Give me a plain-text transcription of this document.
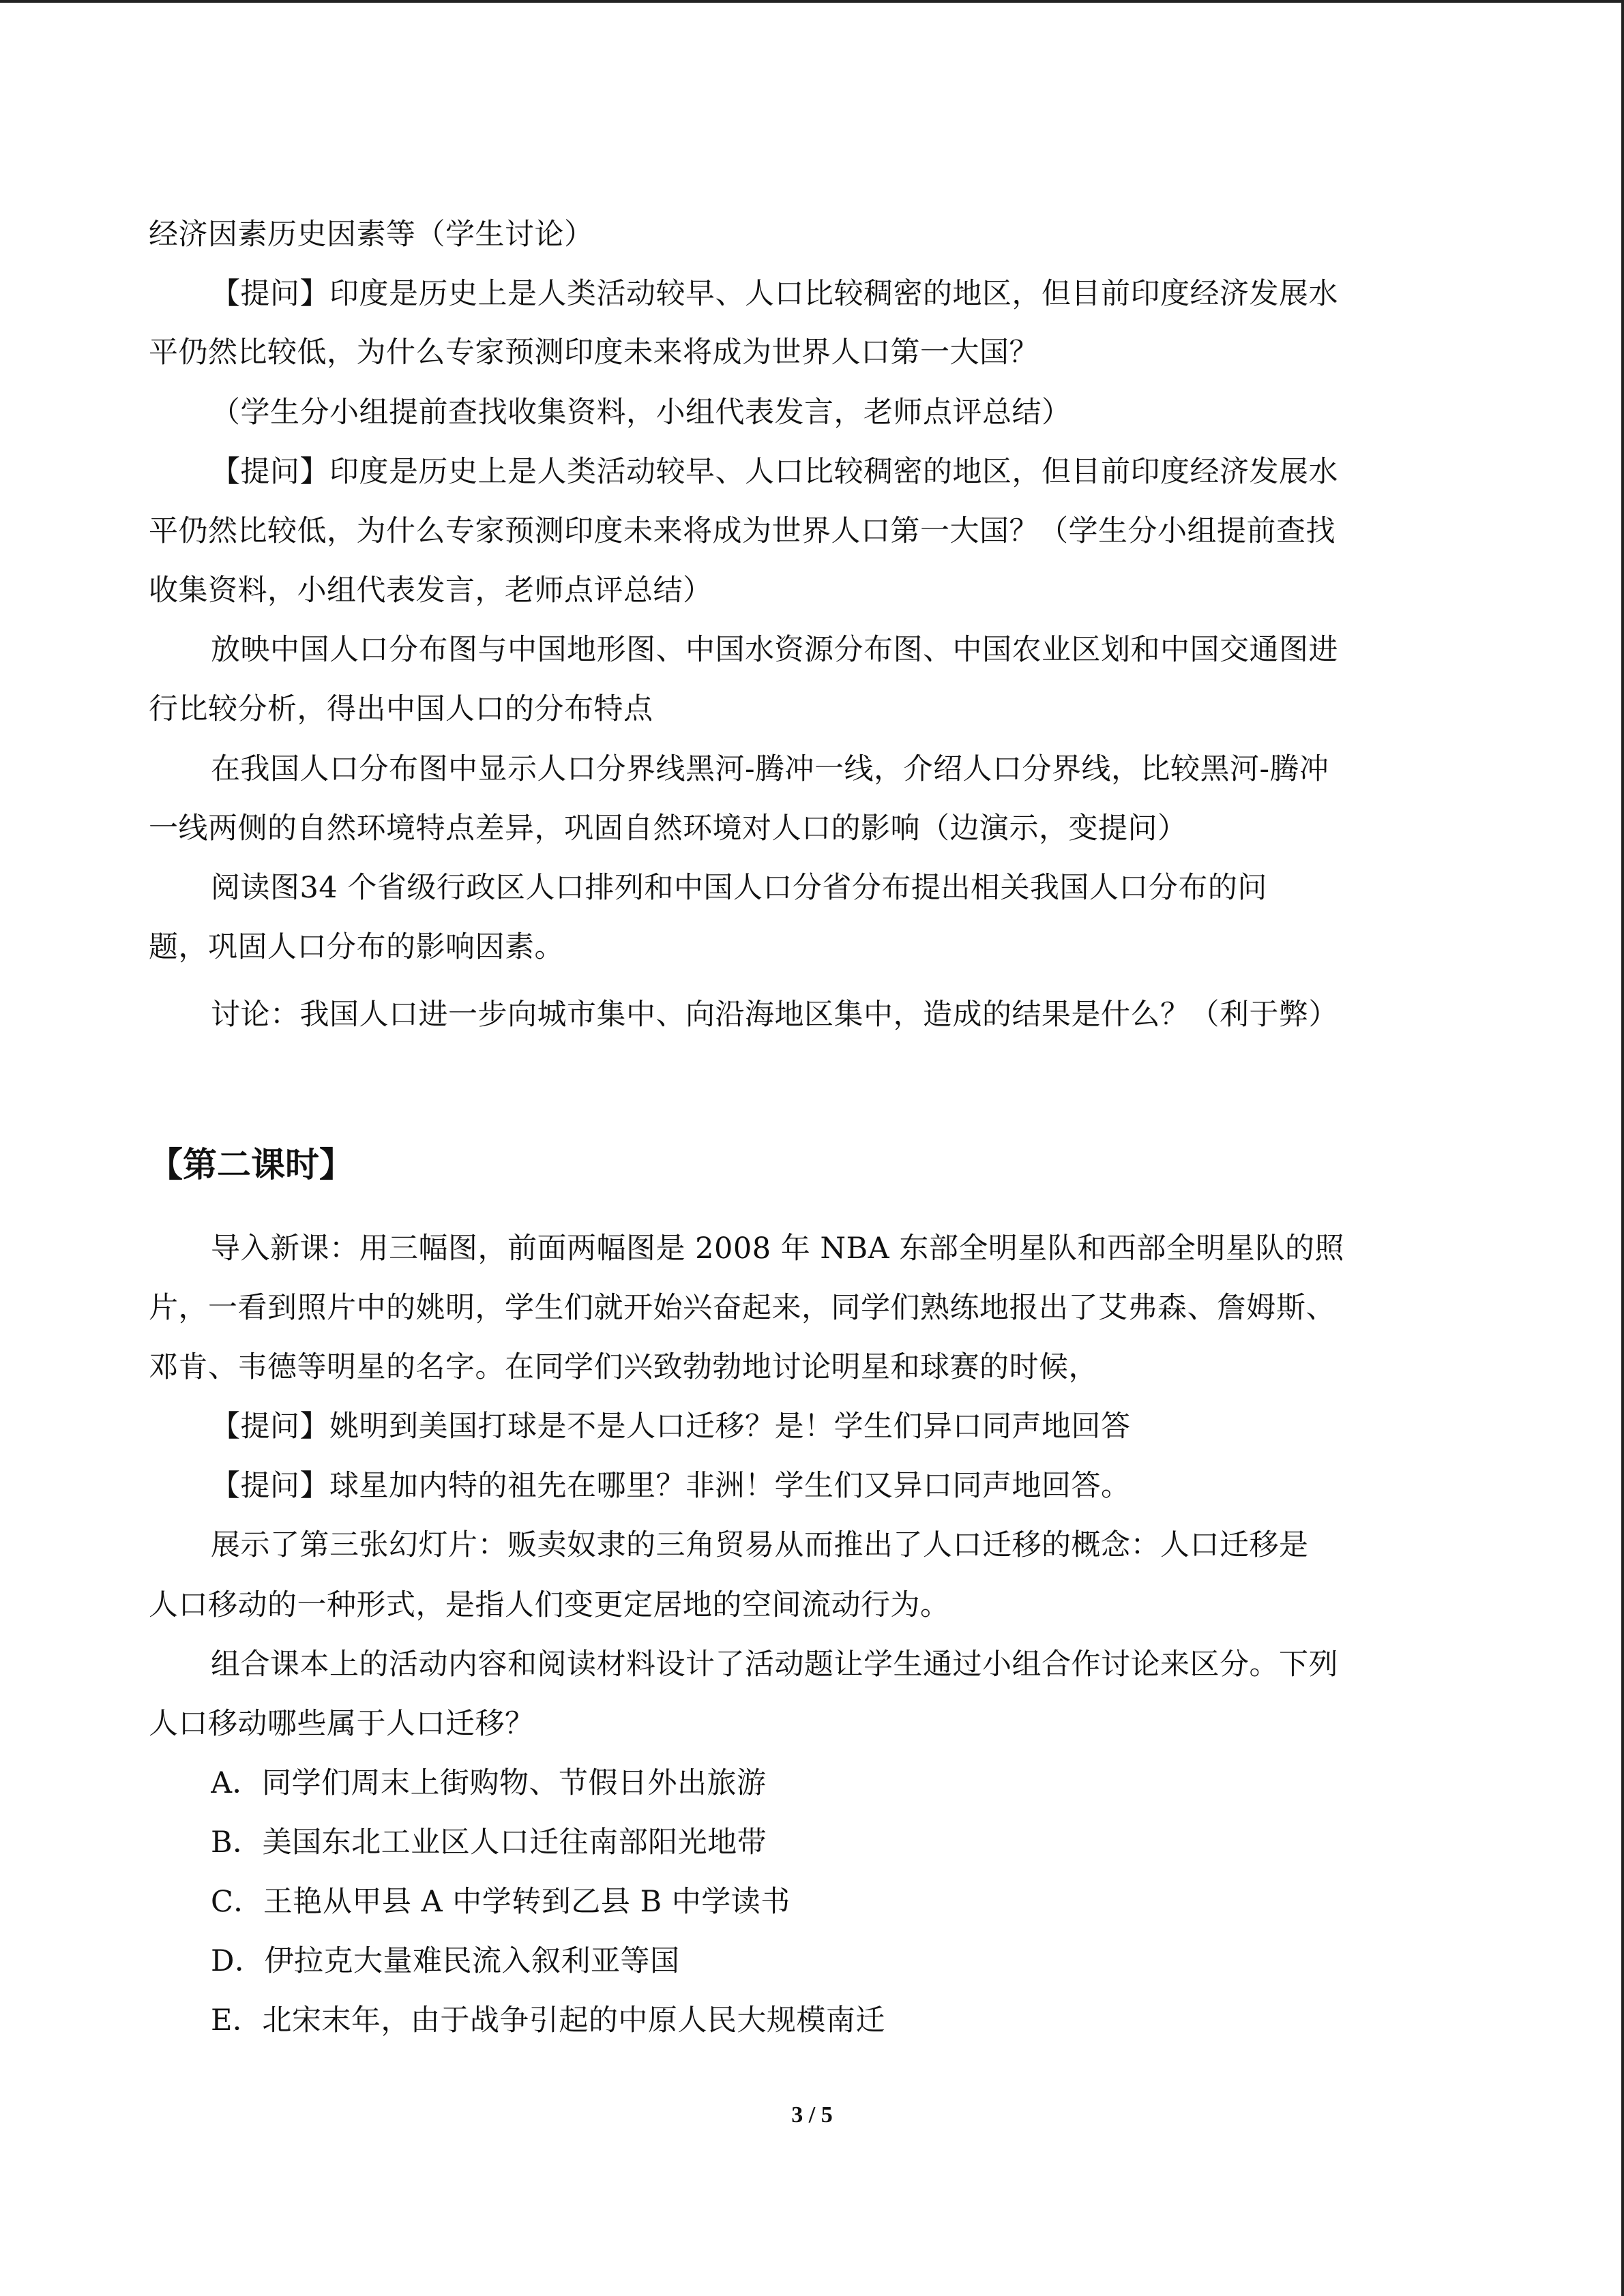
经济因素历史因素等（学生讨论）
【提问】印度是历史上是人类活动较早、人口比较稠密的地区，但目前印度经济发展水
平仍然比较低，为什么专家预测印度未来将成为世界人口第一大国？
（学生分小组提前查找收集资料，小组代表发言，老师点评总结）
【提问】印度是历史上是人类活动较早、人口比较稠密的地区，但目前印度经济发展水
平仍然比较低，为什么专家预测印度未来将成为世界人口第一大国？（学生分小组提前查找
收集资料，小组代表发言，老师点评总结）
放映中国人口分布图与中国地形图、中国水资源分布图、中国农业区划和中国交通图进
行比较分析，得出中国人口的分布特点
在我国人口分布图中显示人口分界线黑河-腾冲一线，介绍人口分界线，比较黑河-腾冲
一线两侧的自然环境特点差异，巩固自然环境对人口的影响（边演示，变提问）
阅读图34 个省级行政区人口排列和中国人口分省分布提出相关我国人口分布的问
题，巩固人口分布的影响因素。
讨论：我国人口进一步向城市集中、向沿海地区集中，造成的结果是什么？（利于弊）
【第二课时】
导入新课：用三幅图，前面两幅图是 2008 年 NBA 东部全明星队和西部全明星队的照
片，一看到照片中的姚明，学生们就开始兴奋起来，同学们熟练地报出了艾弗森、詹姆斯、
邓肯、韦德等明星的名字。在同学们兴致勃勃地讨论明星和球赛的时候，
【提问】姚明到美国打球是不是人口迁移？是！学生们异口同声地回答
【提问】球星加内特的祖先在哪里？非洲！学生们又异口同声地回答。
展示了第三张幻灯片：贩卖奴隶的三角贸易从而推出了人口迁移的概念：人口迁移是
人口移动的一种形式，是指人们变更定居地的空间流动行为。
组合课本上的活动内容和阅读材料设计了活动题让学生通过小组合作讨论来区分。下列
人口移动哪些属于人口迁移？
A．同学们周末上街购物、节假日外出旅游
B．美国东北工业区人口迁往南部阳光地带
C．王艳从甲县 A 中学转到乙县 B 中学读书
D．伊拉克大量难民流入叙利亚等国
E．北宋末年，由于战争引起的中原人民大规模南迁
3 / 5
